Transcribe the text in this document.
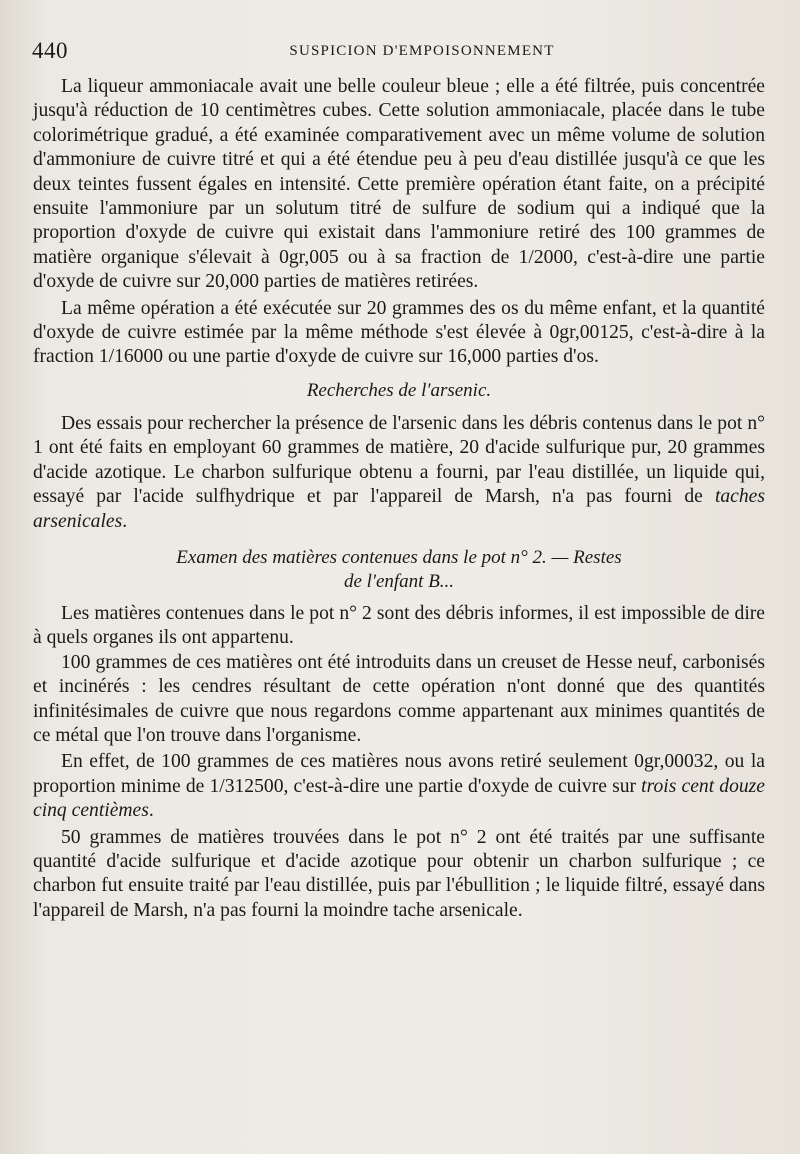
440	SUSPICION D'EMPOISONNEMENT

La liqueur ammoniacale avait une belle couleur bleue ; elle a été filtrée, puis concentrée jusqu'à réduction de 10 centimètres cubes. Cette solution ammoniacale, placée dans le tube colorimétrique gradué, a été examinée comparativement avec un même volume de solution d'ammoniure de cuivre titré et qui a été étendue peu à peu d'eau distillée jusqu'à ce que les deux teintes fussent égales en intensité. Cette première opération étant faite, on a précipité ensuite l'ammoniure par un solutum titré de sulfure de sodium qui a indiqué que la proportion d'oxyde de cuivre qui existait dans l'ammoniure retiré des 100 grammes de matière organique s'élevait à 0gr,005 ou à sa fraction de 1/2000, c'est-à-dire une partie d'oxyde de cuivre sur 20,000 parties de matières retirées.

La même opération a été exécutée sur 20 grammes des os du même enfant, et la quantité d'oxyde de cuivre estimée par la même méthode s'est élevée à 0gr,00125, c'est-à-dire à la fraction 1/16000 ou une partie d'oxyde de cuivre sur 16,000 parties d'os.

Recherches de l'arsenic.

Des essais pour rechercher la présence de l'arsenic dans les débris contenus dans le pot n° 1 ont été faits en employant 60 grammes de matière, 20 d'acide sulfurique pur, 20 grammes d'acide azotique. Le charbon sulfurique obtenu a fourni, par l'eau distillée, un liquide qui, essayé par l'acide sulfhydrique et par l'appareil de Marsh, n'a pas fourni de taches arsenicales.

Examen des matières contenues dans le pot n° 2. — Restes
de l'enfant B...

Les matières contenues dans le pot n° 2 sont des débris informes, il est impossible de dire à quels organes ils ont appartenu.

100 grammes de ces matières ont été introduits dans un creuset de Hesse neuf, carbonisés et incinérés : les cendres résultant de cette opération n'ont donné que des quantités infinitésimales de cuivre que nous regardons comme appartenant aux minimes quantités de ce métal que l'on trouve dans l'organisme.

En effet, de 100 grammes de ces matières nous avons retiré seulement 0gr,00032, ou la proportion minime de 1/312500, c'est-à-dire une partie d'oxyde de cuivre sur trois cent douze cinq centièmes.

50 grammes de matières trouvées dans le pot n° 2 ont été traités par une suffisante quantité d'acide sulfurique et d'acide azotique pour obtenir un charbon sulfurique ; ce charbon fut ensuite traité par l'eau distillée, puis par l'ébullition ; le liquide filtré, essayé dans l'appareil de Marsh, n'a pas fourni la moindre tache arsenicale.
